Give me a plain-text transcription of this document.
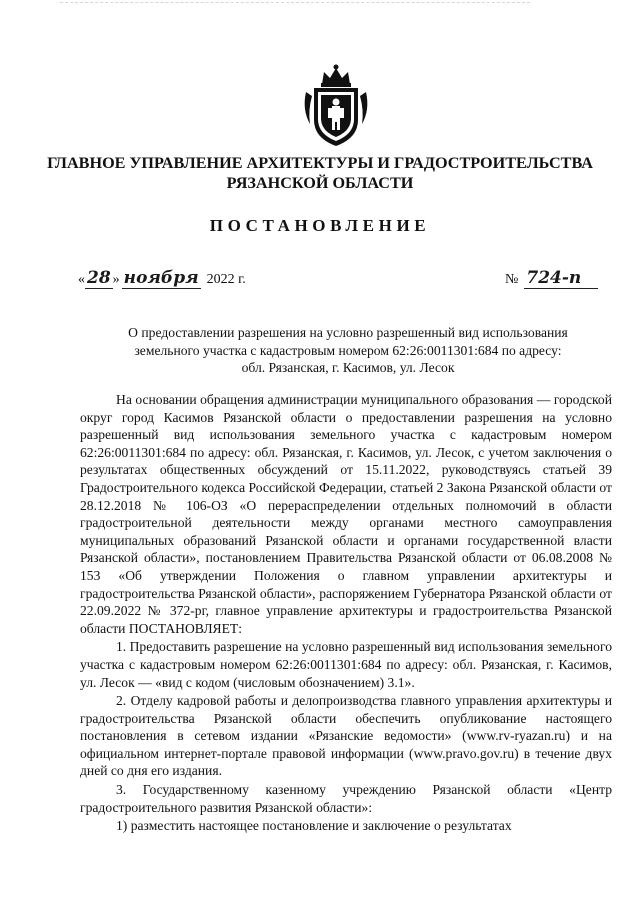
ГЛАВНОЕ УПРАВЛЕНИЕ АРХИТЕКТУРЫ И ГРАДОСТРОИТЕЛЬСТВА
РЯЗАНСКОЙ ОБЛАСТИ
ПОСТАНОВЛЕНИЕ
« 28 » ноября 2022 г.	№ 724-п
О предоставлении разрешения на условно разрешенный вид использования
земельного участка с кадастровым номером 62:26:0011301:684 по адресу:
обл. Рязанская, г. Касимов, ул. Лесок

На основании обращения администрации муниципального образования — городской округ город Касимов Рязанской области о предоставлении разрешения на условно разрешенный вид использования земельного участка с кадастровым номером 62:26:0011301:684 по адресу: обл. Рязанская, г. Касимов, ул. Лесок, с учетом заключения о результатах общественных обсуждений от 15.11.2022, руководствуясь статьей 39 Градостроительного кодекса Российской Федерации, статьей 2 Закона Рязанской области от 28.12.2018 № 106-ОЗ «О перераспределении отдельных полномочий в области градостроительной деятельности между органами местного самоуправления муниципальных образований Рязанской области и органами государственной власти Рязанской области», постановлением Правительства Рязанской области от 06.08.2008 № 153 «Об утверждении Положения о главном управлении архитектуры и градостроительства Рязанской области», распоряжением Губернатора Рязанской области от 22.09.2022 № 372-рг, главное управление архитектуры и градостроительства Рязанской области ПОСТАНОВЛЯЕТ:

1. Предоставить разрешение на условно разрешенный вид использования земельного участка с кадастровым номером 62:26:0011301:684 по адресу: обл. Рязанская, г. Касимов, ул. Лесок — «вид с кодом (числовым обозначением) 3.1».

2. Отделу кадровой работы и делопроизводства главного управления архитектуры и градостроительства Рязанской области обеспечить опубликование настоящего постановления в сетевом издании «Рязанские ведомости» (www.rv-ryazan.ru) и на официальном интернет-портале правовой информации (www.pravo.gov.ru) в течение двух дней со дня его издания.

3. Государственному казенному учреждению Рязанской области «Центр градостроительного развития Рязанской области»:

1) разместить настоящее постановление и заключение о результатах
